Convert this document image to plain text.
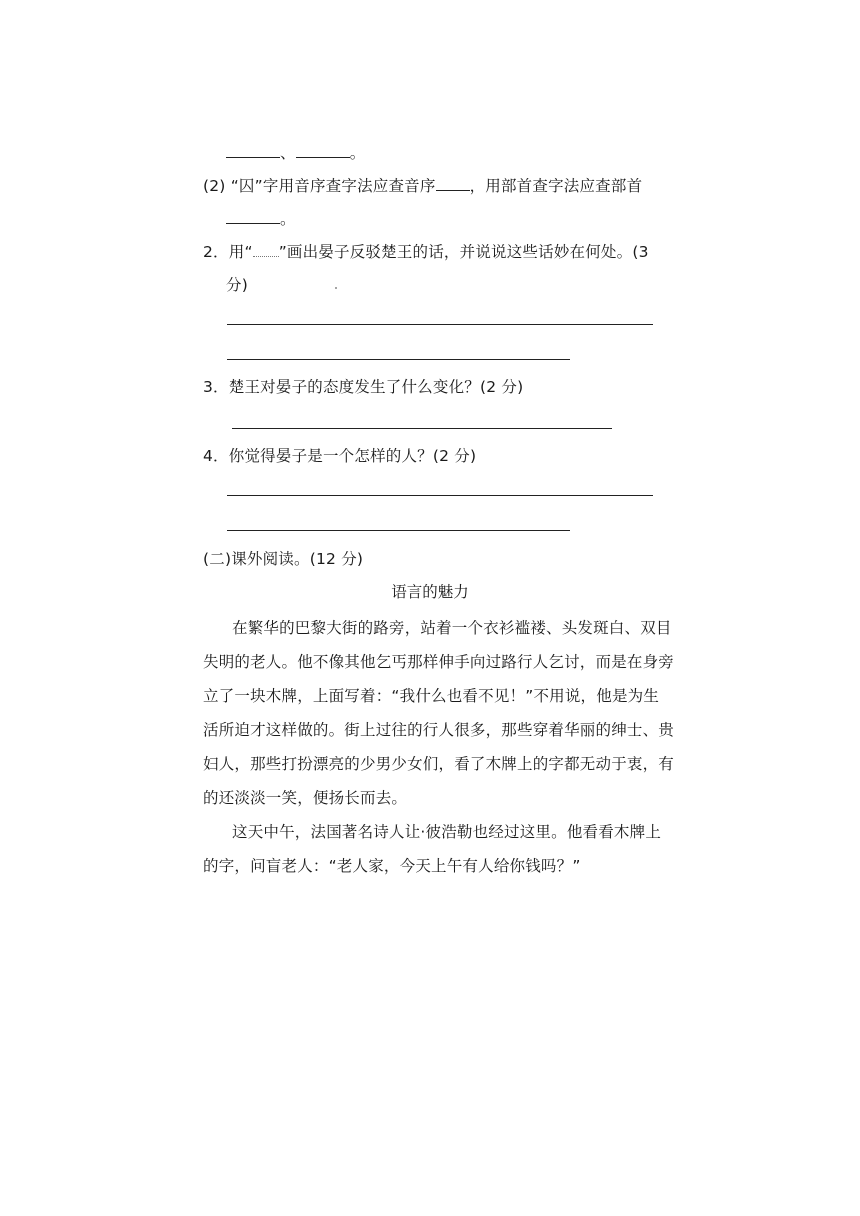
、	。
(2) “囚”字用音序查字法应查音序 ，用部首查字法应查部首
。
2．用“ ”画出晏子反驳楚王的话，并说说这些话妙在何处。(3
分)
3．楚王对晏子的态度发生了什么变化？(2 分)
4．你觉得晏子是一个怎样的人？(2 分)
(二)课外阅读。(12 分)
语言的魅力
在繁华的巴黎大街的路旁，站着一个衣衫褴褛、头发斑白、双目
失明的老人。他不像其他乞丐那样伸手向过路行人乞讨，而是在身旁
立了一块木牌，上面写着：“我什么也看不见！”不用说，他是为生
活所迫才这样做的。街上过往的行人很多，那些穿着华丽的绅士、贵
妇人，那些打扮漂亮的少男少女们，看了木牌上的字都无动于衷，有
的还淡淡一笑，便扬长而去。
这天中午，法国著名诗人让·彼浩勒也经过这里。他看看木牌上
的字，问盲老人：“老人家，今天上午有人给你钱吗？”
